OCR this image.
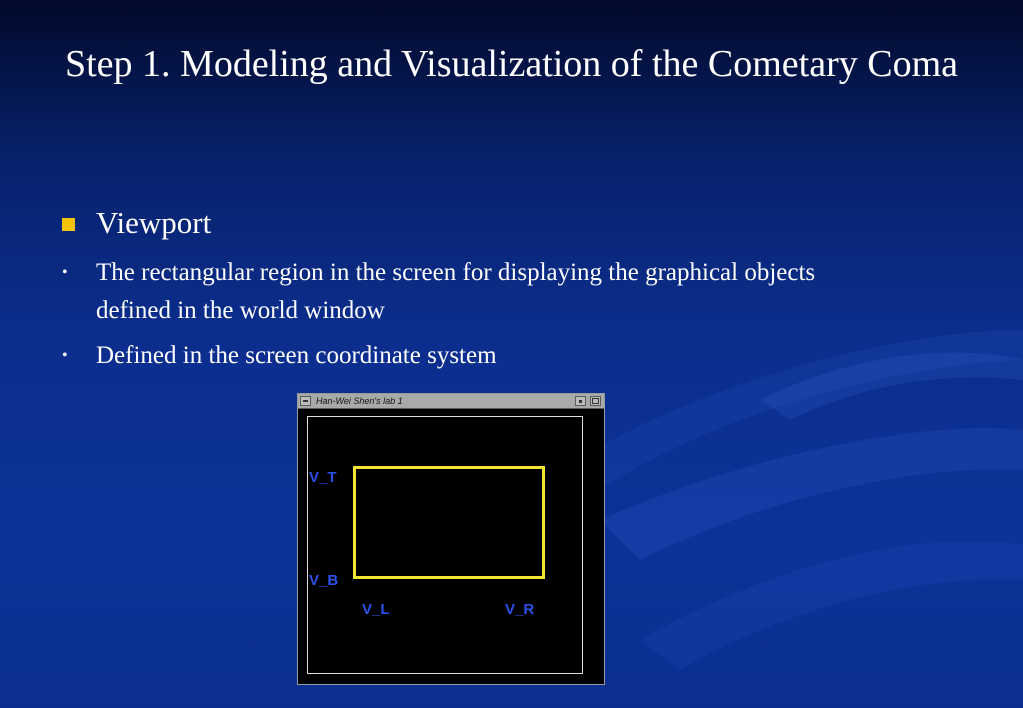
Step 1. Modeling and Visualization of the Cometary Coma
Viewport
• The rectangular region in the screen for displaying the graphical objects defined in the world window
• Defined in the screen coordinate system
Han-Wei Shen's lab 1
V_T
V_B
V_L	V_R
